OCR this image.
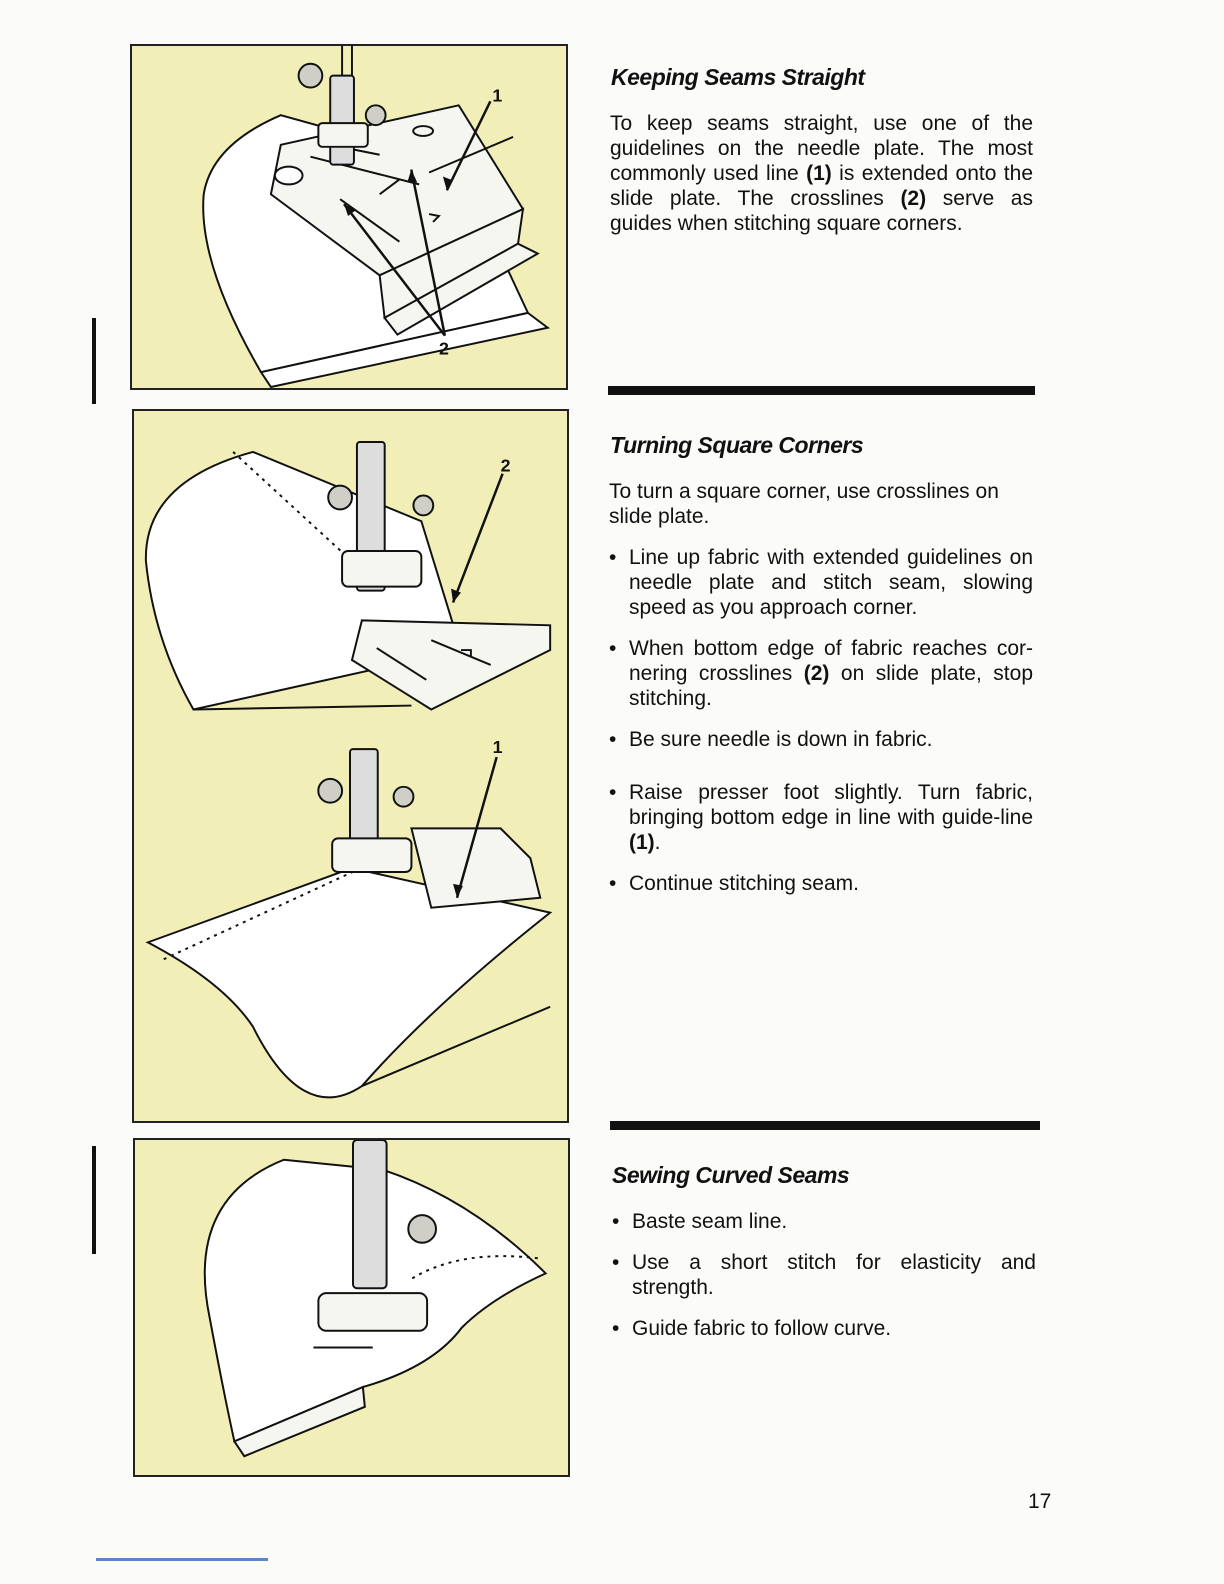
1
2
2
1
Keeping Seams Straight

To keep seams straight, use one of the guidelines on the needle plate. The most commonly used line (1) is extended onto the slide plate. The crosslines (2) serve as guides when stitching square corners.

Turning Square Corners

To turn a square corner, use crosslines on slide plate.

• Line up fabric with extended guidelines on needle plate and stitch seam, slowing speed as you approach corner.
• When bottom edge of fabric reaches cor-nering crosslines (2) on slide plate, stop stitching.
• Be sure needle is down in fabric.
• Raise presser foot slightly. Turn fabric, bringing bottom edge in line with guide-line (1).
• Continue stitching seam.
Sewing Curved Seams
• Baste seam line.
• Use a short stitch for elasticity and strength.
• Guide fabric to follow curve.
17
